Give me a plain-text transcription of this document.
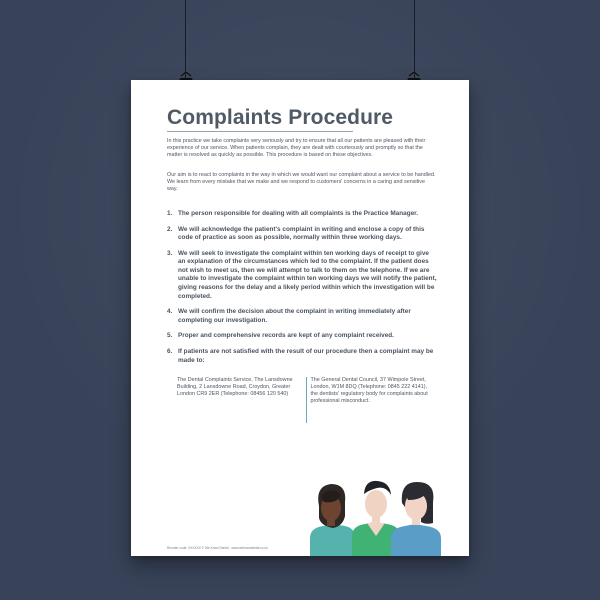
Complaints Procedure
In this practice we take complaints very seriously and try to ensure that all our patients are pleased with their experience of our service. When patients complain, they are dealt with courteously and promptly so that the matter is resolved as quickly as possible. This procedure is based on these objectives.
Our aim is to react to complaints in the way in which we would want our complaint about a service to be handled. We learn from every mistake that we make and we respond to customers' concerns in a caring and sensitive way.
1. The person responsible for dealing with all complaints is the Practice Manager.
2. We will acknowledge the patient's complaint in writing and enclose a copy of this code of practice as soon as possible, normally within three working days.
3. We will seek to investigate the complaint within ten working days of receipt to give an explanation of the circumstances which led to the complaint. If the patient does not wish to meet us, then we will attempt to talk to them on the telephone. If we are unable to investigate the complaint within ten working days we will notify the patient, giving reasons for the delay and a likely period within which the investigation will be completed.
4. We will confirm the decision about the complaint in writing immediately after completing our investigation.
5. Proper and comprehensive records are kept of any complaint received.
6. If patients are not satisfied with the result of our procedure then a complaint may be made to:
The Dental Complaints Service, The Lansdowne Building, 2 Lansdowne Road, Croydon, Greater London CR9 2ER (Telephone: 08456 120 540)
The General Dental Council, 37 Wimpole Street, London, W1M 8DQ (Telephone: 0845 222 4141), the dentists' regulatory body for complaints about professional misconduct.
Reorder code: XXXXXX © We Know Dental - www.weknowdental.co.uk
